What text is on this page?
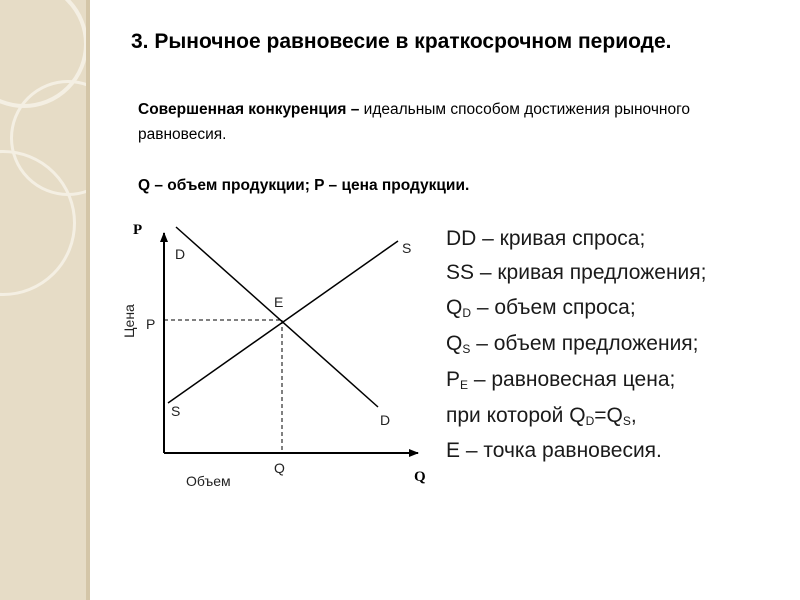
3. Рыночное равновесие в краткосрочном периоде.

Совершенная конкуренция – идеальным способом достижения рыночного равновесия.

Q – объем продукции; P – цена продукции.

P
Q
Цена
Объем
D
D
S
S
E
P
Q
DD – кривая спроса;
SS – кривая предложения;
$Q_D$ – объем спроса;
$Q_S$ – объем предложения;
$P_E$ – равновесная цена;
при которой $Q_D=Q_S$,
E – точка равновесия.
